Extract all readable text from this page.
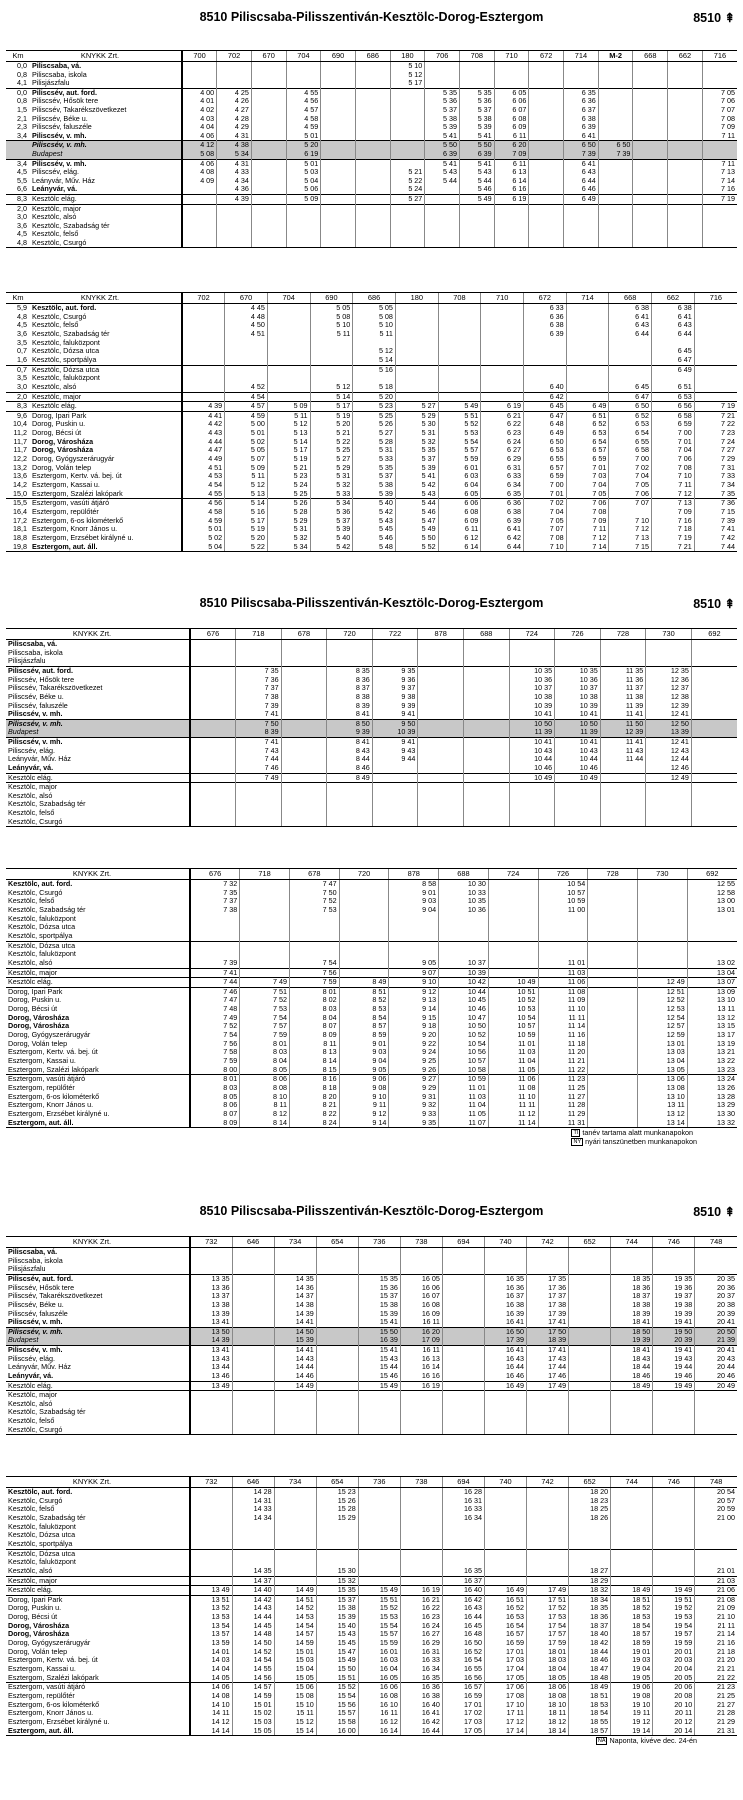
8510 Piliscsaba-Pilisszentiván-Kesztölc-Dorog-Esztergom	8510 ⇞
8510 Piliscsaba-Pilisszentiván-Kesztölc-Dorog-Esztergom	8510 ⇞
8510 Piliscsaba-Pilisszentiván-Kesztölc-Dorog-Esztergom	8510 ⇞
Km	KNYKK Zrt.		700	702	670	704	690	686	180	706	708	710	672	714	M-2	668	662	716
0,0	Piliscsaba, vá.								5 10									
0,8	Piliscsaba, iskola								5 12									
4,1	Pilisjászfalu								5 17									
0,0	Piliscsév, aut. ford.		4 00	4 25		4 55				5 35	5 35	6 05		6 35				7 05
0,8	Piliscsév, Hősök tere		4 01	4 26		4 56				5 36	5 36	6 06		6 36				7 06
1,5	Piliscsév, Takarékszövetkezet		4 02	4 27		4 57				5 37	5 37	6 07		6 37				7 07
2,1	Piliscsév, Béke u.		4 03	4 28		4 58				5 38	5 38	6 08		6 38				7 08
2,3	Piliscsév, faluszéle		4 04	4 29		4 59				5 39	5 39	6 09		6 39				7 09
3,4	Piliscsév, v. mh.		4 06	4 31		5 01				5 41	5 41	6 11		6 41				7 11
	Piliscsév, v. mh.		4 12	4 38		5 20				5 50	5 50	6 20		6 50	6 50			
	Budapest		5 08	5 34		6 19				6 39	6 39	7 09		7 39	7 39			
3,4	Piliscsév, v. mh.		4 06	4 31		5 01				5 41	5 41	6 11		6 41				7 11
4,5	Piliscsév, elág.		4 08	4 33		5 03			5 21	5 43	5 43	6 13		6 43				7 13
5,5	Leányvár, Műv. Ház		4 09	4 34		5 04			5 22	5 44	5 44	6 14		6 44				7 14
6,6	Leányvár, vá.			4 36		5 06			5 24		5 46	6 16		6 46				7 16
8,3	Kesztölc elág.			4 39		5 09			5 27		5 49	6 19		6 49				7 19
2,0	Kesztölc, major																	
3,0	Kesztölc, alsó																	
3,6	Kesztölc, Szabadság tér																	
4,5	Kesztölc, felső																	
4,8	Kesztölc, Csurgó																	
Km	KNYKK Zrt.		702	670	704	690	686	180	708	710	672	714	668	662	716
5,9	Kesztölc, aut. ford.			4 45		5 05	5 05				6 33		6 38	6 38	
4,8	Kesztölc, Csurgó			4 48		5 08	5 08				6 36		6 41	6 41	
4,5	Kesztölc, felső			4 50		5 10	5 10				6 38		6 43	6 43	
3,6	Kesztölc, Szabadság tér			4 51		5 11	5 11				6 39		6 44	6 44	
3,5	Kesztölc, faluközpont														
0,7	Kesztölc, Dózsa utca						5 12							6 45	
1,6	Kesztölc, sportpálya						5 14							6 47	
0,7	Kesztölc, Dózsa utca						5 16							6 49	
3,5	Kesztölc, faluközpont														
3,0	Kesztölc, alsó			4 52		5 12	5 18				6 40		6 45	6 51	
2,0	Kesztölc, major			4 54		5 14	5 20				6 42		6 47	6 53	
8,3	Kesztölc elág.		4 39	4 57	5 09	5 17	5 23	5 27	5 49	6 19	6 45	6 49	6 50	6 56	7 19
9,6	Dorog, Ipari Park		4 41	4 59	5 11	5 19	5 25	5 29	5 51	6 21	6 47	6 51	6 52	6 58	7 21
10,4	Dorog, Puskin u.		4 42	5 00	5 12	5 20	5 26	5 30	5 52	6 22	6 48	6 52	6 53	6 59	7 22
11,2	Dorog, Bécsi út		4 43	5 01	5 13	5 21	5 27	5 31	5 53	6 23	6 49	6 53	6 54	7 00	7 23
11,7	Dorog, Városháza		4 44	5 02	5 14	5 22	5 28	5 32	5 54	6 24	6 50	6 54	6 55	7 01	7 24
11,7	Dorog, Városháza		4 47	5 05	5 17	5 25	5 31	5 35	5 57	6 27	6 53	6 57	6 58	7 04	7 27
12,2	Dorog, Gyógyszerárugyár		4 49	5 07	5 19	5 27	5 33	5 37	5 59	6 29	6 55	6 59	7 00	7 06	7 29
13,2	Dorog, Volán telep		4 51	5 09	5 21	5 29	5 35	5 39	6 01	6 31	6 57	7 01	7 02	7 08	7 31
13,6	Esztergom, Kertv. vá. bej. út		4 53	5 11	5 23	5 31	5 37	5 41	6 03	6 33	6 59	7 03	7 04	7 10	7 33
14,2	Esztergom, Kassai u.		4 54	5 12	5 24	5 32	5 38	5 42	6 04	6 34	7 00	7 04	7 05	7 11	7 34
15,0	Esztergom, Szalézi lakópark		4 55	5 13	5 25	5 33	5 39	5 43	6 05	6 35	7 01	7 05	7 06	7 12	7 35
15,5	Esztergom, vasúti átjáró		4 56	5 14	5 26	5 34	5 40	5 44	6 06	6 36	7 02	7 06	7 07	7 13	7 36
16,4	Esztergom, repülőtér		4 58	5 16	5 28	5 36	5 42	5 46	6 08	6 38	7 04	7 08		7 09	7 15
17,2	Esztergom, 6-os kilométerkő		4 59	5 17	5 29	5 37	5 43	5 47	6 09	6 39	7 05	7 09	7 10	7 16	7 39
18,1	Esztergom, Knorr János u.		5 01	5 19	5 31	5 39	5 45	5 49	6 11	6 41	7 07	7 11	7 12	7 18	7 41
18,8	Esztergom, Erzsébet királyné u.		5 02	5 20	5 32	5 40	5 46	5 50	6 12	6 42	7 08	7 12	7 13	7 19	7 42
19,8	Esztergom, aut. áll.		5 04	5 22	5 34	5 42	5 48	5 52	6 14	6 44	7 10	7 14	7 15	7 21	7 44
KNYKK Zrt.		676	718	678	720	722	878	688	724	726	728	730	692
Piliscsaba, vá.													
Piliscsaba, iskola													
Pilisjászfalu													
Piliscsév, aut. ford.			7 35		8 35	9 35			10 35	10 35	11 35	12 35	
Piliscsév, Hősök tere			7 36		8 36	9 36			10 36	10 36	11 36	12 36	
Piliscsév, Takarékszövetkezet			7 37		8 37	9 37			10 37	10 37	11 37	12 37	
Piliscsév, Béke u.			7 38		8 38	9 38			10 38	10 38	11 38	12 38	
Piliscsév, faluszéle			7 39		8 39	9 39			10 39	10 39	11 39	12 39	
Piliscsév, v. mh.			7 41		8 41	9 41			10 41	10 41	11 41	12 41	
Piliscsév, v. mh.			7 50		8 50	9 50			10 50	10 50	11 50	12 50	
Budapest			8 39		9 39	10 39			11 39	11 39	12 39	13 39	
Piliscsév, v. mh.			7 41		8 41	9 41			10 41	10 41	11 41	12 41	
Piliscsév, elág.			7 43		8 43	9 43			10 43	10 43	11 43	12 43	
Leányvár, Műv. Ház			7 44		8 44	9 44			10 44	10 44	11 44	12 44	
Leányvár, vá.			7 46		8 46				10 46	10 46		12 46	
Kesztölc elág.			7 49		8 49				10 49	10 49		12 49	
Kesztölc, major													
Kesztölc, alsó													
Kesztölc, Szabadság tér													
Kesztölc, felső													
Kesztölc, Csurgó													
KNYKK Zrt.		676	718	678	720	878	688	724	726	728	730	692
Kesztölc, aut. ford.		7 32		7 47		8 58	10 30		10 54			12 55
Kesztölc, Csurgó		7 35		7 50		9 01	10 33		10 57			12 58
Kesztölc, felső		7 37		7 52		9 03	10 35		10 59			13 00
Kesztölc, Szabadság tér		7 38		7 53		9 04	10 36		11 00			13 01
Kesztölc, faluközpont												
Kesztölc, Dózsa utca												
Kesztölc, sportpálya												
Kesztölc, Dózsa utca												
Kesztölc, faluközpont												
Kesztölc, alsó		7 39		7 54		9 05	10 37		11 01			13 02
Kesztölc, major		7 41		7 56		9 07	10 39		11 03			13 04
Kesztölc elág.		7 44	7 49	7 59	8 49	9 10	10 42	10 49	11 06		12 49	13 07
Dorog, Ipari Park		7 46	7 51	8 01	8 51	9 12	10 44	10 51	11 08		12 51	13 09
Dorog, Puskin u.		7 47	7 52	8 02	8 52	9 13	10 45	10 52	11 09		12 52	13 10
Dorog, Bécsi út		7 48	7 53	8 03	8 53	9 14	10 46	10 53	11 10		12 53	13 11
Dorog, Városháza		7 49	7 54	8 04	8 54	9 15	10 47	10 54	11 11		12 54	13 12
Dorog, Városháza		7 52	7 57	8 07	8 57	9 18	10 50	10 57	11 14		12 57	13 15
Dorog, Gyógyszerárugyár		7 54	7 59	8 09	8 59	9 20	10 52	10 59	11 16		12 59	13 17
Dorog, Volán telep		7 56	8 01	8 11	9 01	9 22	10 54	11 01	11 18		13 01	13 19
Esztergom, Kertv. vá. bej. út		7 58	8 03	8 13	9 03	9 24	10 56	11 03	11 20		13 03	13 21
Esztergom, Kassai u.		7 59	8 04	8 14	9 04	9 25	10 57	11 04	11 21		13 04	13 22
Esztergom, Szalézi lakópark		8 00	8 05	8 15	9 05	9 26	10 58	11 05	11 22		13 05	13 23
Esztergom, vasúti átjáró		8 01	8 06	8 16	9 06	9 27	10 59	11 06	11 23		13 06	13 24
Esztergom, repülőtér		8 03	8 08	8 18	9 08	9 29	11 01	11 08	11 25		13 08	13 26
Esztergom, 6-os kilométerkő		8 05	8 10	8 20	9 10	9 31	11 03	11 10	11 27		13 10	13 28
Esztergom, Knorr János u.		8 06	8 11	8 21	9 11	9 32	11 04	11 11	11 28		13 11	13 29
Esztergom, Erzsébet királyné u.		8 07	8 12	8 22	9 12	9 33	11 05	11 12	11 29		13 12	13 30
Esztergom, aut. áll.		8 09	8 14	8 24	9 14	9 35	11 07	11 14	11 31		13 14	13 32
TI tanév tartama alatt munkanapokon
NY nyári tanszünetben munkanapokon
KNYKK Zrt.		732	646	734	654	736	738	694	740	742	652	744	746	748
Piliscsaba, vá.														
Piliscsaba, iskola														
Pilisjászfalu														
Piliscsév, aut. ford.		13 35		14 35		15 35	16 05		16 35	17 35		18 35	19 35	20 35
Piliscsév, Hősök tere		13 36		14 36		15 36	16 06		16 36	17 36		18 36	19 36	20 36
Piliscsév, Takarékszövetkezet		13 37		14 37		15 37	16 07		16 37	17 37		18 37	19 37	20 37
Piliscsév, Béke u.		13 38		14 38		15 38	16 08		16 38	17 38		18 38	19 38	20 38
Piliscsév, faluszéle		13 39		14 39		15 39	16 09		16 39	17 39		18 39	19 39	20 39
Piliscsév, v. mh.		13 41		14 41		15 41	16 11		16 41	17 41		18 41	19 41	20 41
Piliscsév, v. mh.		13 50		14 50		15 50	16 20		16 50	17 50		18 50	19 50	20 50
Budapest		14 39		15 39		16 39	17 09		17 39	18 39		19 39	20 39	21 39
Piliscsév, v. mh.		13 41		14 41		15 41	16 11		16 41	17 41		18 41	19 41	20 41
Piliscsév, elág.		13 43		14 43		15 43	16 13		16 43	17 43		18 43	19 43	20 43
Leányvár, Műv. Ház		13 44		14 44		15 44	16 14		16 44	17 44		18 44	19 44	20 44
Leányvár, vá.		13 46		14 46		15 46	16 16		16 46	17 46		18 46	19 46	20 46
Kesztölc elág.		13 49		14 49		15 49	16 19		16 49	17 49		18 49	19 49	20 49
Kesztölc, major														
Kesztölc, alsó														
Kesztölc, Szabadság tér														
Kesztölc, felső														
Kesztölc, Csurgó														
KNYKK Zrt.		732	646	734	654	736	738	694	740	742	652	744	746	748
Kesztölc, aut. ford.			14 28		15 23			16 28			18 20			20 54
Kesztölc, Csurgó			14 31		15 26			16 31			18 23			20 57
Kesztölc, felső			14 33		15 28			16 33			18 25			20 59
Kesztölc, Szabadság tér			14 34		15 29			16 34			18 26			21 00
Kesztölc, faluközpont														
Kesztölc, Dózsa utca														
Kesztölc, sportpálya														
Kesztölc, Dózsa utca														
Kesztölc, faluközpont														
Kesztölc, alsó			14 35		15 30			16 35			18 27			21 01
Kesztölc, major			14 37		15 32			16 37			18 29			21 03
Kesztölc elág.		13 49	14 40	14 49	15 35	15 49	16 19	16 40	16 49	17 49	18 32	18 49	19 49	21 06
Dorog, Ipari Park		13 51	14 42	14 51	15 37	15 51	16 21	16 42	16 51	17 51	18 34	18 51	19 51	21 08
Dorog, Puskin u.		13 52	14 43	14 52	15 38	15 52	16 22	16 43	16 52	17 52	18 35	18 52	19 52	21 09
Dorog, Bécsi út		13 53	14 44	14 53	15 39	15 53	16 23	16 44	16 53	17 53	18 36	18 53	19 53	21 10
Dorog, Városháza		13 54	14 45	14 54	15 40	15 54	16 24	16 45	16 54	17 54	18 37	18 54	19 54	21 11
Dorog, Városháza		13 57	14 48	14 57	15 43	15 57	16 27	16 48	16 57	17 57	18 40	18 57	19 57	21 14
Dorog, Gyógyszerárugyár		13 59	14 50	14 59	15 45	15 59	16 29	16 50	16 59	17 59	18 42	18 59	19 59	21 16
Dorog, Volán telep		14 01	14 52	15 01	15 47	16 01	16 31	16 52	17 01	18 01	18 44	19 01	20 01	21 18
Esztergom, Kertv. vá. bej. út		14 03	14 54	15 03	15 49	16 03	16 33	16 54	17 03	18 03	18 46	19 03	20 03	21 20
Esztergom, Kassai u.		14 04	14 55	15 04	15 50	16 04	16 34	16 55	17 04	18 04	18 47	19 04	20 04	21 21
Esztergom, Szalézi lakópark		14 05	14 56	15 05	15 51	16 05	16 35	16 56	17 05	18 05	18 48	19 05	20 05	21 22
Esztergom, vasúti átjáró		14 06	14 57	15 06	15 52	16 06	16 36	16 57	17 06	18 06	18 49	19 06	20 06	21 23
Esztergom, repülőtér		14 08	14 59	15 08	15 54	16 08	16 38	16 59	17 08	18 08	18 51	19 08	20 08	21 25
Esztergom, 6-os kilométerkő		14 10	15 01	15 10	15 56	16 10	16 40	17 01	17 10	18 10	18 53	19 10	20 10	21 27
Esztergom, Knorr János u.		14 11	15 02	15 11	15 57	16 11	16 41	17 02	17 11	18 11	18 54	19 11	20 11	21 28
Esztergom, Erzsébet királyné u.		14 12	15 03	15 12	15 58	16 12	16 42	17 03	17 12	18 12	18 55	19 12	20 12	21 29
Esztergom, aut. áll.		14 14	15 05	15 14	16 00	16 14	16 44	17 05	17 14	18 14	18 57	19 14	20 14	21 31
NA Naponta, kivéve dec. 24-én
